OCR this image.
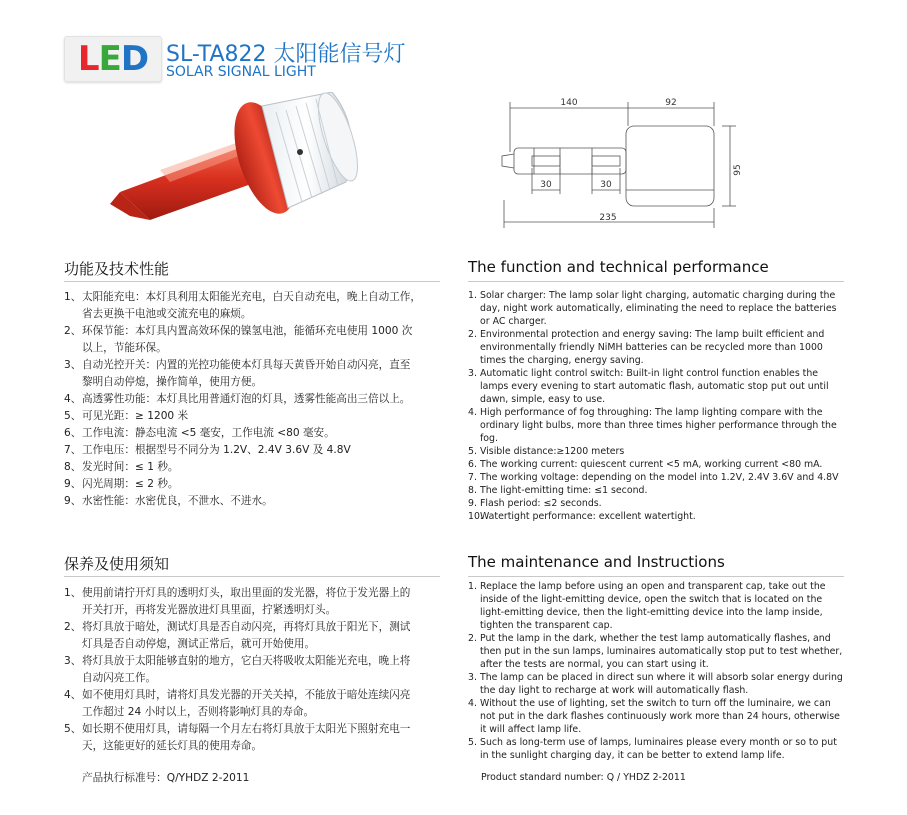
L E D SL-TA822 太阳能信号灯
SOLAR SIGNAL LIGHT
140	92
95
30	30
235
功能及技术性能
1、 太阳能充电：本灯具利用太阳能光充电，白天自动充电，晚上自动工作，
省去更换干电池或交流充电的麻烦。
2、 环保节能：本灯具内置高效环保的镍氢电池，能循环充电使用 1000 次
以上，节能环保。
3、 自动光控开关：内置的光控功能使本灯具每天黄昏开始自动闪亮，直至
黎明自动停熄，操作简单，使用方便。
4、 高透雾性功能：本灯具比用普通灯泡的灯具，透雾性能高出三倍以上。
5、 可见光距：≥ 1200 米
6、 工作电流：静态电流 <5 毫安，工作电流 <80 毫安。
7、 工作电压：根据型号不同分为 1.2V、2.4V 3.6V 及 4.8V
8、 发光时间：≤ 1 秒。
9、 闪光周期：≤ 2 秒。
9、 水密性能：水密优良，不泄水、不进水。
保养及使用须知
1、 使用前请拧开灯具的透明灯头，取出里面的发光器，将位于发光器上的
开关打开，再将发光器放进灯具里面，拧紧透明灯头。
2、 将灯具放于暗处，测试灯具是否自动闪亮，再将灯具放于阳光下，测试
灯具是否自动停熄，测试正常后，就可开始使用。
3、 将灯具放于太阳能够直射的地方，它白天将吸收太阳能光充电，晚上将
自动闪亮工作。
4、 如不使用灯具时，请将灯具发光器的开关关掉，不能放于暗处连续闪亮
工作超过 24 小时以上，否则将影响灯具的寿命。
5、 如长期不使用灯具，请每隔一个月左右将灯具放于太阳光下照射充电一
天，这能更好的延长灯具的使用寿命。
产品执行标准号：Q/YHDZ 2-2011
The function and technical performance
1. Solar charger: The lamp solar light charging, automatic charging during the day, night work automatically, eliminating the need to replace the batteries or AC charger.
2. Environmental protection and energy saving: The lamp built efficient and environmentally friendly NiMH batteries can be recycled more than 1000 times the charging, energy saving.
3. Automatic light control switch: Built-in light control function enables the lamps every evening to start automatic flash, automatic stop put out until dawn, simple, easy to use.
4. High performance of fog throughing: The lamp lighting compare with the ordinary light bulbs, more than three times higher performance through the fog.
5. Visible distance:≥1200 meters
6. The working current: quiescent current <5 mA, working current <80 mA.
7. The working voltage: depending on the model into 1.2V, 2.4V 3.6V and 4.8V
8. The light-emitting time: ≤1 second.
9. Flash period: ≤2 seconds.
10.
Watertight performance: excellent watertight.
The maintenance and Instructions
1. Replace the lamp before using an open and transparent cap, take out the inside of the light-emitting device, open the switch that is located on the light-emitting device, then the light-emitting device into the lamp inside, tighten the transparent cap.
2. Put the lamp in the dark, whether the test lamp automatically flashes, and then put in the sun lamps, luminaires automatically stop put to test whether, after the tests are normal, you can start using it.
3. The lamp can be placed in direct sun where it will absorb solar energy during the day light to recharge at work will automatically flash.
4. Without the use of lighting, set the switch to turn off the luminaire, we can not put in the dark flashes continuously work more than 24 hours, otherwise it will affect lamp life.
5. Such as long-term use of lamps, luminaires please every month or so to put in the sunlight charging day, it can be better to extend lamp life.
Product standard number: Q / YHDZ 2-2011
